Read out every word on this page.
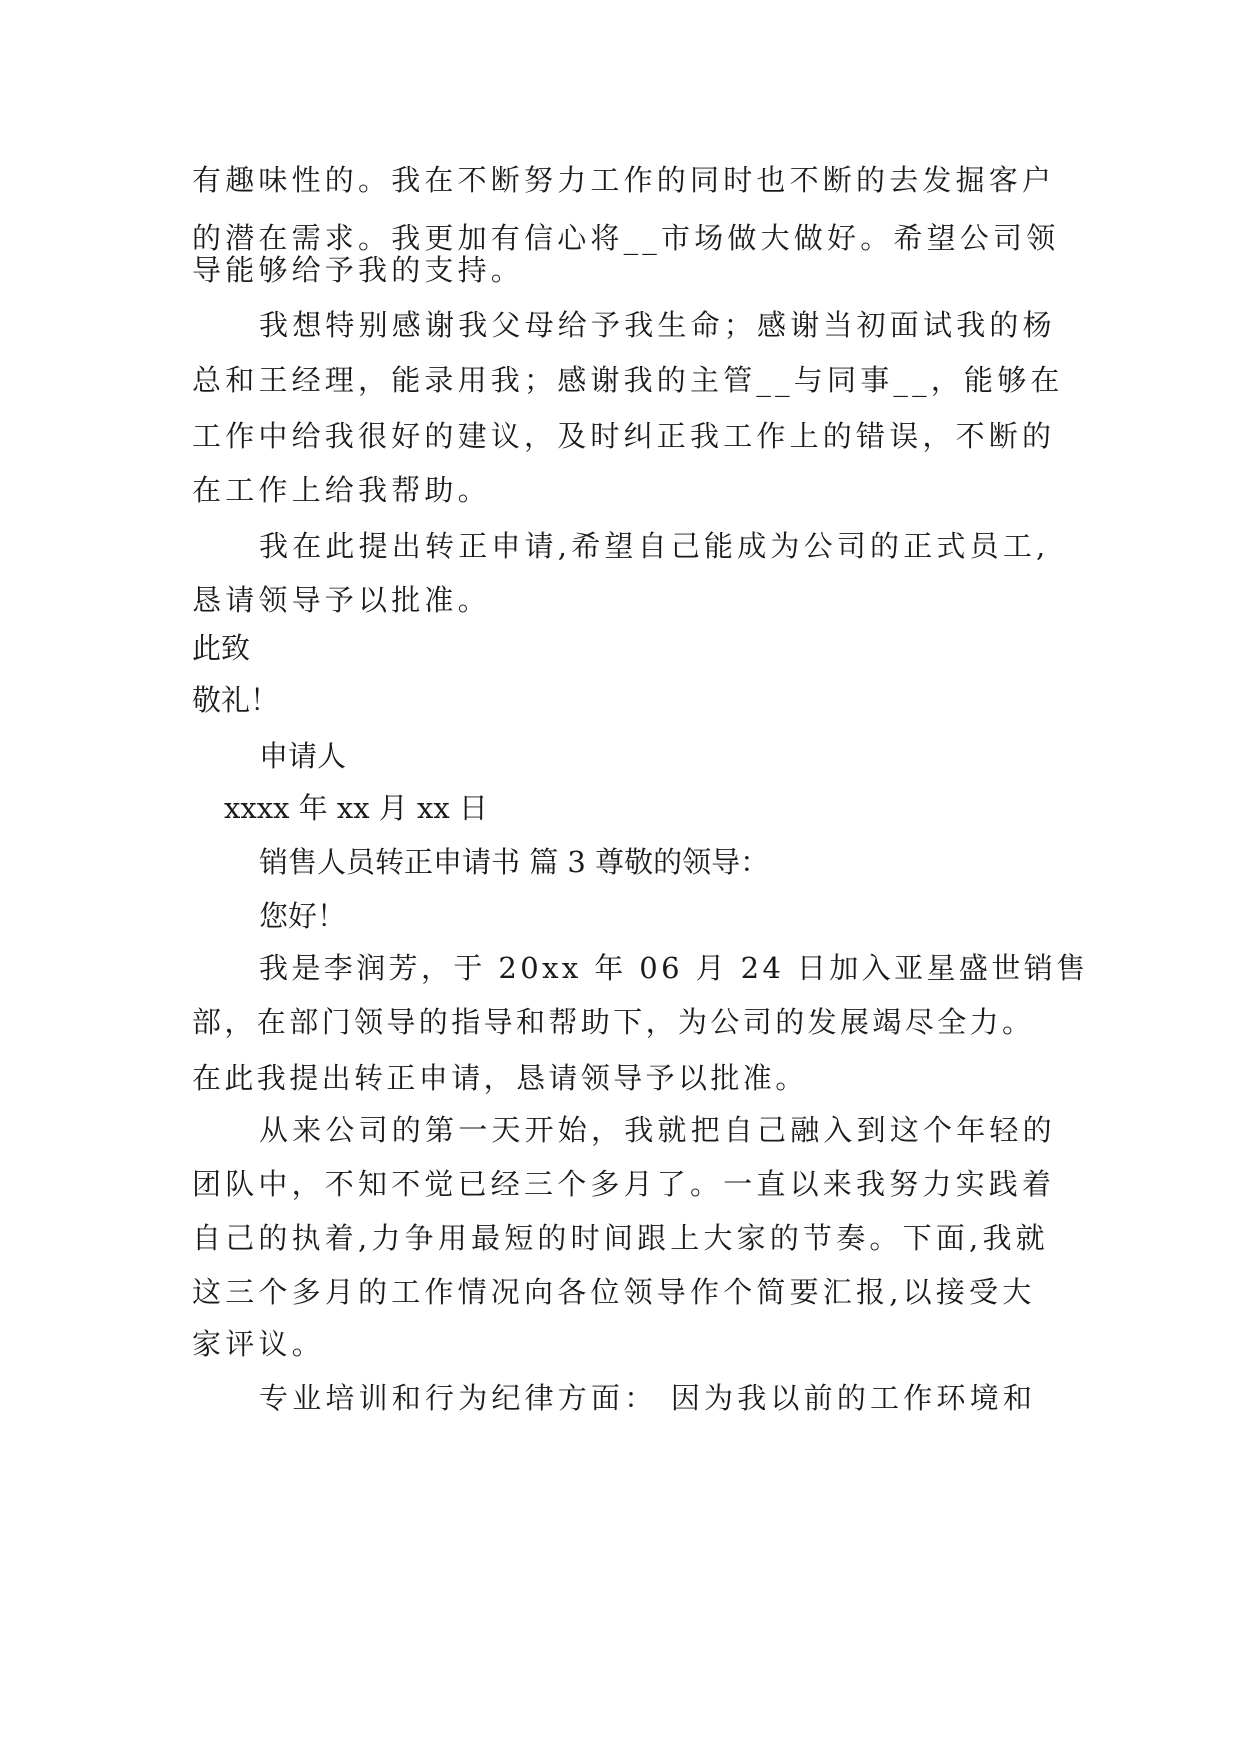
有趣味性的。我在不断努力工作的同时也不断的去发掘客户

的潜在需求。我更加有信心将__市场做大做好。希望公司领

导能够给予我的支持。

我想特别感谢我父母给予我生命；感谢当初面试我的杨

总和王经理，能录用我；感谢我的主管__与同事__，能够在

工作中给我很好的建议，及时纠正我工作上的错误，不断的

在工作上给我帮助。

我在此提出转正申请,希望自己能成为公司的正式员工,

恳请领导予以批准。

此致

敬礼！

申请人

xxxx 年 xx 月 xx 日

销售人员转正申请书 篇 3 尊敬的领导：

您好！

我是李润芳，于 20xx 年 06 月 24 日加入亚星盛世销售

部，在部门领导的指导和帮助下，为公司的发展竭尽全力。

在此我提出转正申请，恳请领导予以批准。

从来公司的第一天开始，我就把自己融入到这个年轻的

团队中，不知不觉已经三个多月了。一直以来我努力实践着

自己的执着,力争用最短的时间跟上大家的节奏。下面,我就

这三个多月的工作情况向各位领导作个简要汇报,以接受大

家评议。

专业培训和行为纪律方面： 因为我以前的工作环境和
